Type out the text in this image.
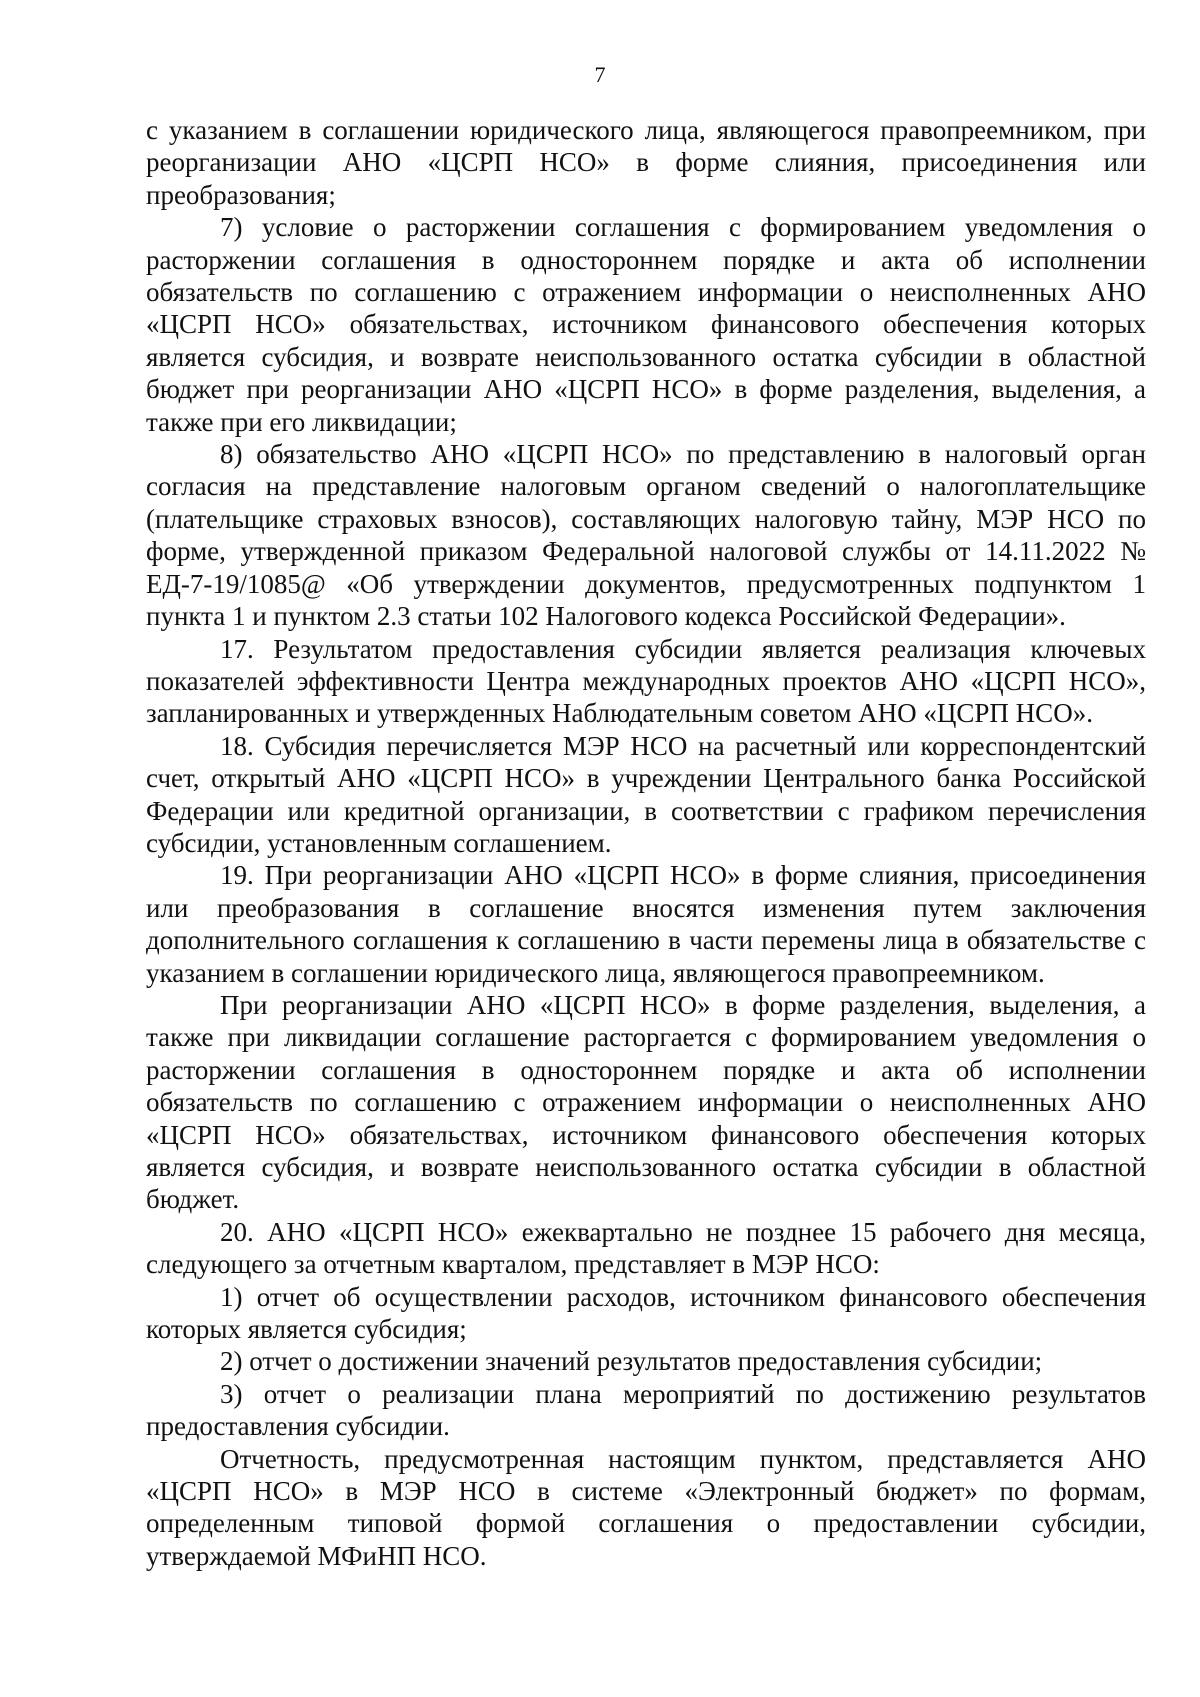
7

с указанием в соглашении юридического лица, являющегося правопреемником, при реорганизации АНО «ЦСРП НСО» в форме слияния, присоединения или преобразования;

7) условие о расторжении соглашения с формированием уведомления о расторжении соглашения в одностороннем порядке и акта об исполнении обязательств по соглашению с отражением информации о неисполненных АНО «ЦСРП НСО» обязательствах, источником финансового обеспечения которых является субсидия, и возврате неиспользованного остатка субсидии в областной бюджет при реорганизации АНО «ЦСРП НСО» в форме разделения, выделения, а также при его ликвидации;

8) обязательство АНО «ЦСРП НСО» по представлению в налоговый орган согласия на представление налоговым органом сведений о налогоплательщике (плательщике страховых взносов), составляющих налоговую тайну, МЭР НСО по форме, утвержденной приказом Федеральной налоговой службы от 14.11.2022 № ЕД-7-19/1085@ «Об утверждении документов, предусмотренных подпунктом 1 пункта 1 и пунктом 2.3 статьи 102 Налогового кодекса Российской Федерации».

17. Результатом предоставления субсидии является реализация ключевых показателей эффективности Центра международных проектов АНО «ЦСРП НСО», запланированных и утвержденных Наблюдательным советом АНО «ЦСРП НСО».

18. Субсидия перечисляется МЭР НСО на расчетный или корреспондентский счет, открытый АНО «ЦСРП НСО» в учреждении Центрального банка Российской Федерации или кредитной организации, в соответствии с графиком перечисления субсидии, установленным соглашением.

19. При реорганизации АНО «ЦСРП НСО» в форме слияния, присоединения или преобразования в соглашение вносятся изменения путем заключения дополнительного соглашения к соглашению в части перемены лица в обязательстве с указанием в соглашении юридического лица, являющегося правопреемником.

При реорганизации АНО «ЦСРП НСО» в форме разделения, выделения, а также при ликвидации соглашение расторгается с формированием уведомления о расторжении соглашения в одностороннем порядке и акта об исполнении обязательств по соглашению с отражением информации о неисполненных АНО «ЦСРП НСО» обязательствах, источником финансового обеспечения которых является субсидия, и возврате неиспользованного остатка субсидии в областной бюджет.

20. АНО «ЦСРП НСО» ежеквартально не позднее 15 рабочего дня месяца, следующего за отчетным кварталом, представляет в МЭР НСО:

1) отчет об осуществлении расходов, источником финансового обеспечения которых является субсидия;

2) отчет о достижении значений результатов предоставления субсидии;

3) отчет о реализации плана мероприятий по достижению результатов предоставления субсидии.

Отчетность, предусмотренная настоящим пунктом, представляется АНО «ЦСРП НСО» в МЭР НСО в системе «Электронный бюджет» по формам, определенным типовой формой соглашения о предоставлении субсидии, утверждаемой МФиНП НСО.
